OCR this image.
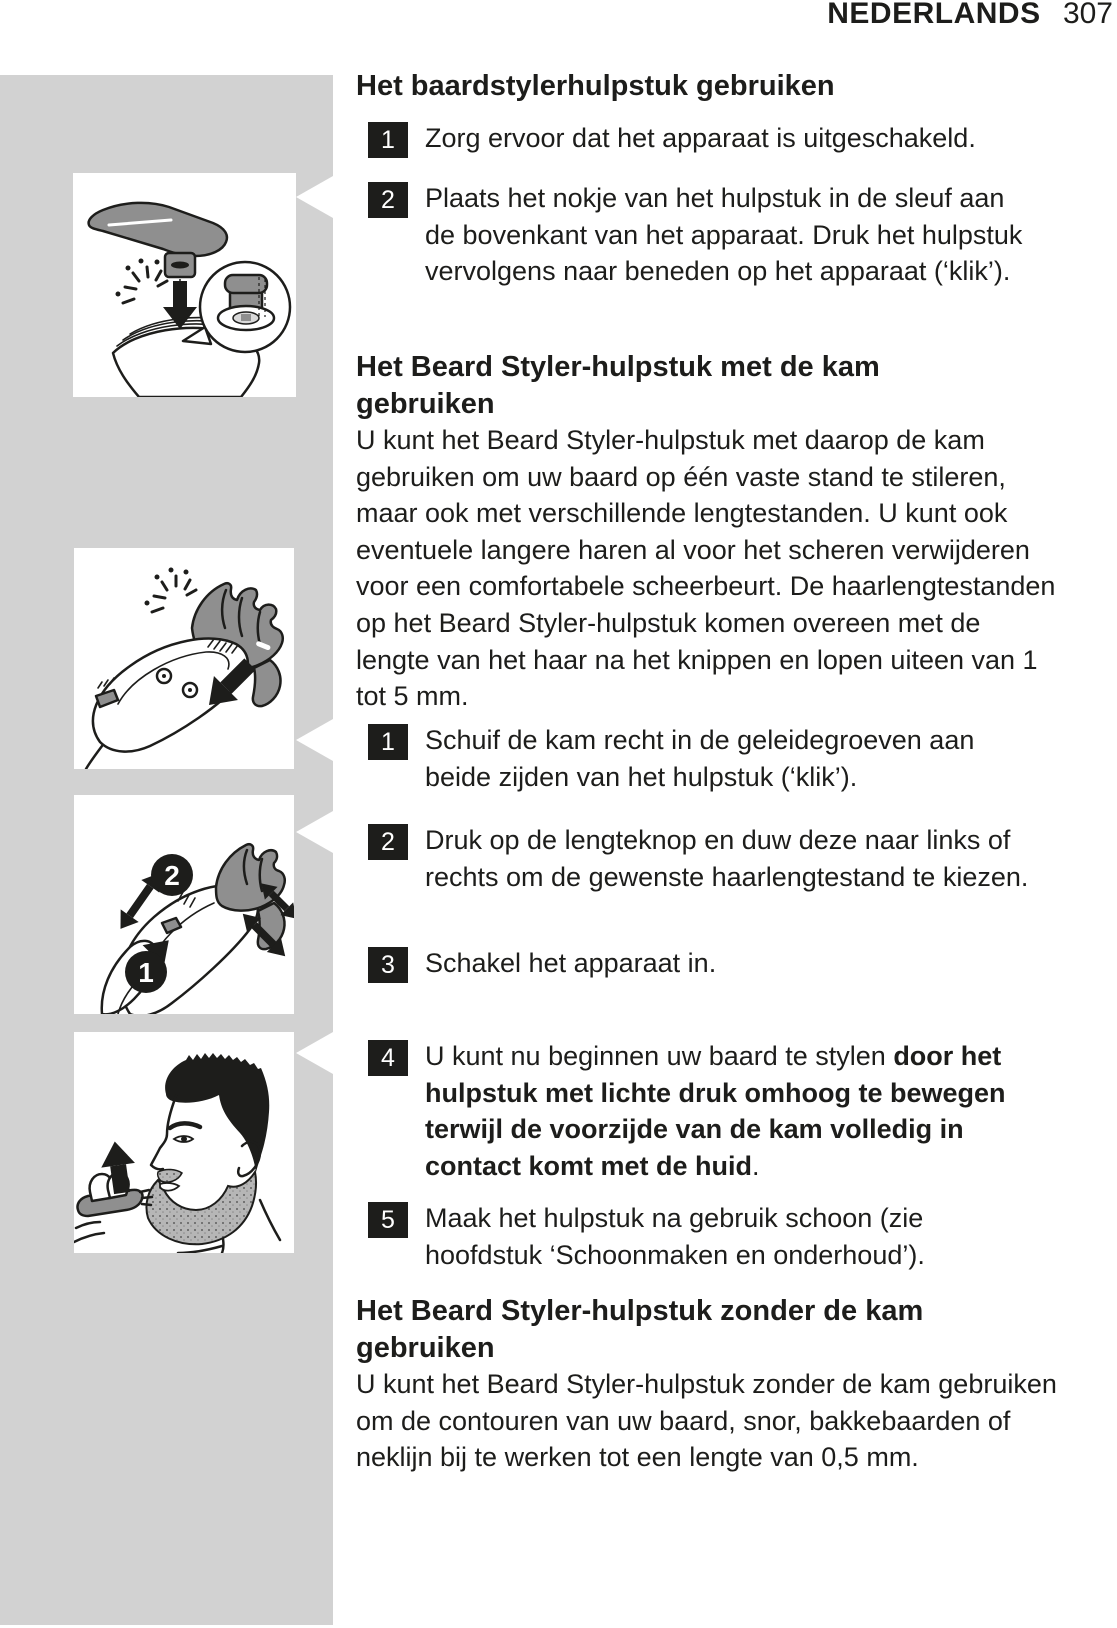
NEDERLANDS 307
2
1
Het baardstylerhulpstuk gebruiken
1	Zorg ervoor dat het apparaat is uitgeschakeld.
2	Plaats het nokje van het hulpstuk in de sleuf aan de bovenkant van het apparaat. Druk het hulpstuk vervolgens naar beneden op het apparaat (‘klik’).
Het Beard Styler-hulpstuk met de kam gebruiken
U kunt het Beard Styler-hulpstuk met daarop de kam gebruiken om uw baard op één vaste stand te stileren, maar ook met verschillende lengtestanden. U kunt ook eventuele langere haren al voor het scheren verwijderen voor een comfortabele scheerbeurt. De haarlengtestanden op het Beard Styler-hulpstuk komen overeen met de lengte van het haar na het knippen en lopen uiteen van 1 tot 5 mm.
1	Schuif de kam recht in de geleidegroeven aan beide zijden van het hulpstuk (‘klik’).
2	Druk op de lengteknop en duw deze naar links of rechts om de gewenste haarlengtestand te kiezen.
3	Schakel het apparaat in.
4	U kunt nu beginnen uw baard te stylen door het hulpstuk met lichte druk omhoog te bewegen terwijl de voorzijde van de kam volledig in contact komt met de huid.
5	Maak het hulpstuk na gebruik schoon (zie hoofdstuk ‘Schoonmaken en onderhoud’).
Het Beard Styler-hulpstuk zonder de kam gebruiken
U kunt het Beard Styler-hulpstuk zonder de kam gebruiken om de contouren van uw baard, snor, bakkebaarden of neklijn bij te werken tot een lengte van 0,5 mm.
